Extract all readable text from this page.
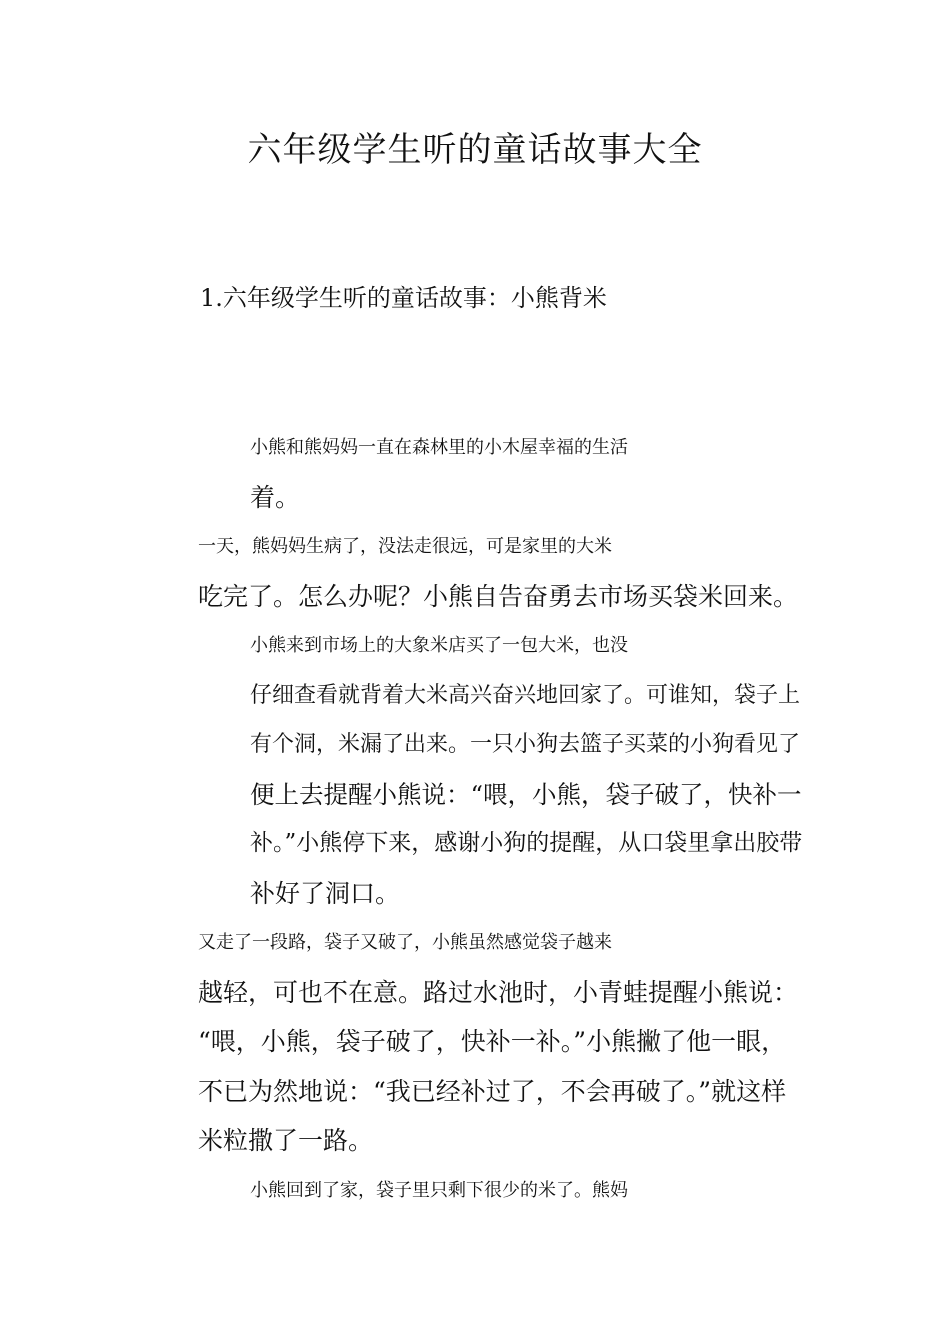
六年级学生听的童话故事大全
1.六年级学生听的童话故事：小熊背米

小熊和熊妈妈一直在森林里的小木屋幸福的生活
着。

一天，熊妈妈生病了，没法走很远，可是家里的大米
吃完了。怎么办呢？小熊自告奋勇去市场买袋米回来。

小熊来到市场上的大象米店买了一包大米，也没
仔细查看就背着大米高兴奋兴地回家了。可谁知，袋子上
有个洞，米漏了出来。一只小狗去篮子买菜的小狗看见了
便上去提醒小熊说：“喂，小熊，袋子破了，快补一
补。”小熊停下来，感谢小狗的提醒，从口袋里拿出胶带
补好了洞口。

又走了一段路，袋子又破了，小熊虽然感觉袋子越来
越轻，可也不在意。路过水池时，小青蛙提醒小熊说：
“喂，小熊，袋子破了，快补一补。”小熊撇了他一眼，
不已为然地说：“我已经补过了，不会再破了。”就这样
米粒撒了一路。

小熊回到了家，袋子里只剩下很少的米了。熊妈
